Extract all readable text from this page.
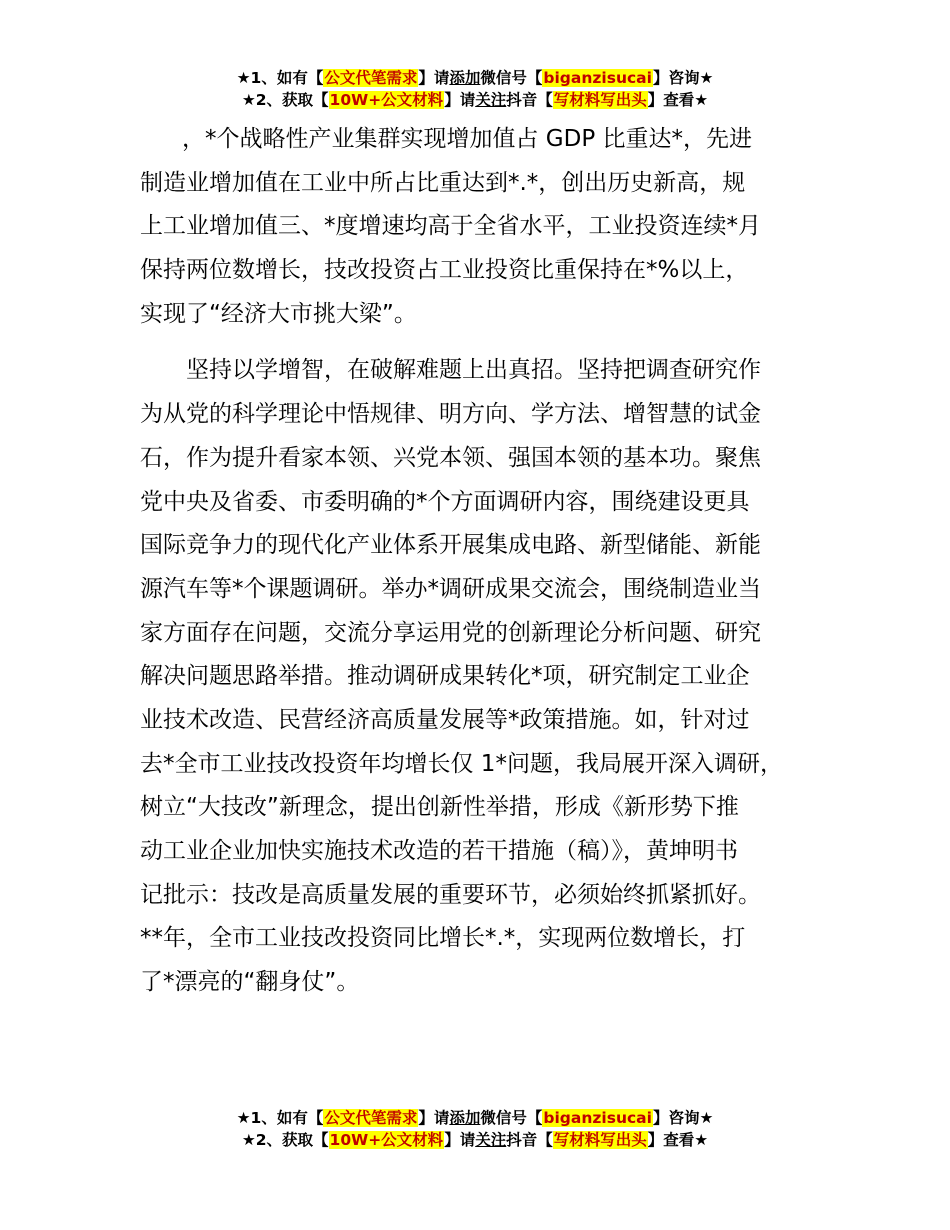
★1、如有【公文代笔需求】请添加微信号【biganzisucai】咨询★
★2、获取【10W+公文材料】请关注抖音【写材料写出头】查看★
，*个战略性产业集群实现增加值占 GDP 比重达*，先进
制造业增加值在工业中所占比重达到*.*，创出历史新高，规
上工业增加值三、*度增速均高于全省水平，工业投资连续*月
保持两位数增长，技改投资占工业投资比重保持在*%以上，
实现了“经济大市挑大梁”。
坚持以学增智，在破解难题上出真招。坚持把调查研究作
为从党的科学理论中悟规律、明方向、学方法、增智慧的试金
石，作为提升看家本领、兴党本领、强国本领的基本功。聚焦
党中央及省委、市委明确的*个方面调研内容，围绕建设更具
国际竞争力的现代化产业体系开展集成电路、新型储能、新能
源汽车等*个课题调研。举办*调研成果交流会，围绕制造业当
家方面存在问题，交流分享运用党的创新理论分析问题、研究
解决问题思路举措。推动调研成果转化*项，研究制定工业企
业技术改造、民营经济高质量发展等*政策措施。如，针对过
去*全市工业技改投资年均增长仅 1*问题，我局展开深入调研，
树立“大技改”新理念，提出创新性举措，形成《新形势下推
动工业企业加快实施技术改造的若干措施（稿）》，黄坤明书
记批示：技改是高质量发展的重要环节，必须始终抓紧抓好。
**年，全市工业技改投资同比增长*.*，实现两位数增长，打
了*漂亮的“翻身仗”。
★1、如有【公文代笔需求】请添加微信号【biganzisucai】咨询★
★2、获取【10W+公文材料】请关注抖音【写材料写出头】查看★
